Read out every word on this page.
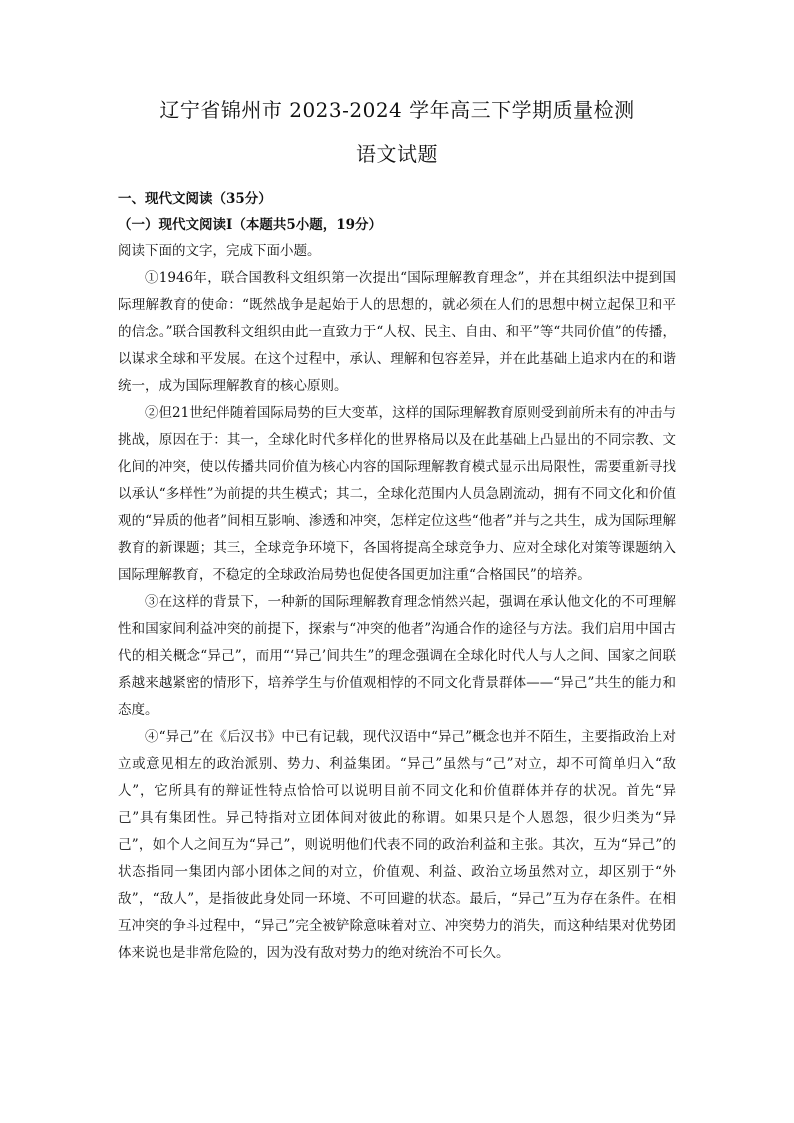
辽宁省锦州市 2023-2024 学年高三下学期质量检测
语文试题

一、现代文阅读（35分）

（一）现代文阅读Ⅰ（本题共5小题，19分）

阅读下面的文字，完成下面小题。

①1946年，联合国教科文组织第一次提出“国际理解教育理念”，并在其组织法中提到国际理解教育的使命：“既然战争是起始于人的思想的，就必须在人们的思想中树立起保卫和平的信念。”联合国教科文组织由此一直致力于“人权、民主、自由、和平”等“共同价值”的传播，以谋求全球和平发展。在这个过程中，承认、理解和包容差异，并在此基础上追求内在的和谐统一，成为国际理解教育的核心原则。

②但21世纪伴随着国际局势的巨大变革，这样的国际理解教育原则受到前所未有的冲击与挑战，原因在于：其一，全球化时代多样化的世界格局以及在此基础上凸显出的不同宗教、文化间的冲突，使以传播共同价值为核心内容的国际理解教育模式显示出局限性，需要重新寻找以承认“多样性”为前提的共生模式；其二，全球化范围内人员急剧流动，拥有不同文化和价值观的“异质的他者”间相互影响、渗透和冲突，怎样定位这些“他者”并与之共生，成为国际理解教育的新课题；其三，全球竞争环境下，各国将提高全球竞争力、应对全球化对策等课题纳入国际理解教育，不稳定的全球政治局势也促使各国更加注重“合格国民”的培养。

③在这样的背景下，一种新的国际理解教育理念悄然兴起，强调在承认他文化的不可理解性和国家间利益冲突的前提下，探索与“冲突的他者”沟通合作的途径与方法。我们启用中国古代的相关概念“异己”，而用“‘异己’间共生”的理念强调在全球化时代人与人之间、国家之间联系越来越紧密的情形下，培养学生与价值观相悖的不同文化背景群体——“异己”共生的能力和态度。

④“异己”在《后汉书》中已有记载，现代汉语中“异己”概念也并不陌生，主要指政治上对立或意见相左的政治派别、势力、利益集团。“异己”虽然与“己”对立，却不可简单归入“敌人”，它所具有的辩证性特点恰恰可以说明目前不同文化和价值群体并存的状况。首先“异己”具有集团性。异己特指对立团体间对彼此的称谓。如果只是个人恩怨，很少归类为“异己”，如个人之间互为“异己”，则说明他们代表不同的政治利益和主张。其次，互为“异己”的状态指同一集团内部小团体之间的对立，价值观、利益、政治立场虽然对立，却区别于“外敌”，“敌人”，是指彼此身处同一环境、不可回避的状态。最后，“异己”互为存在条件。在相互冲突的争斗过程中，“异己”完全被铲除意味着对立、冲突势力的消失，而这种结果对优势团体来说也是非常危险的，因为没有敌对势力的绝对统治不可长久。
